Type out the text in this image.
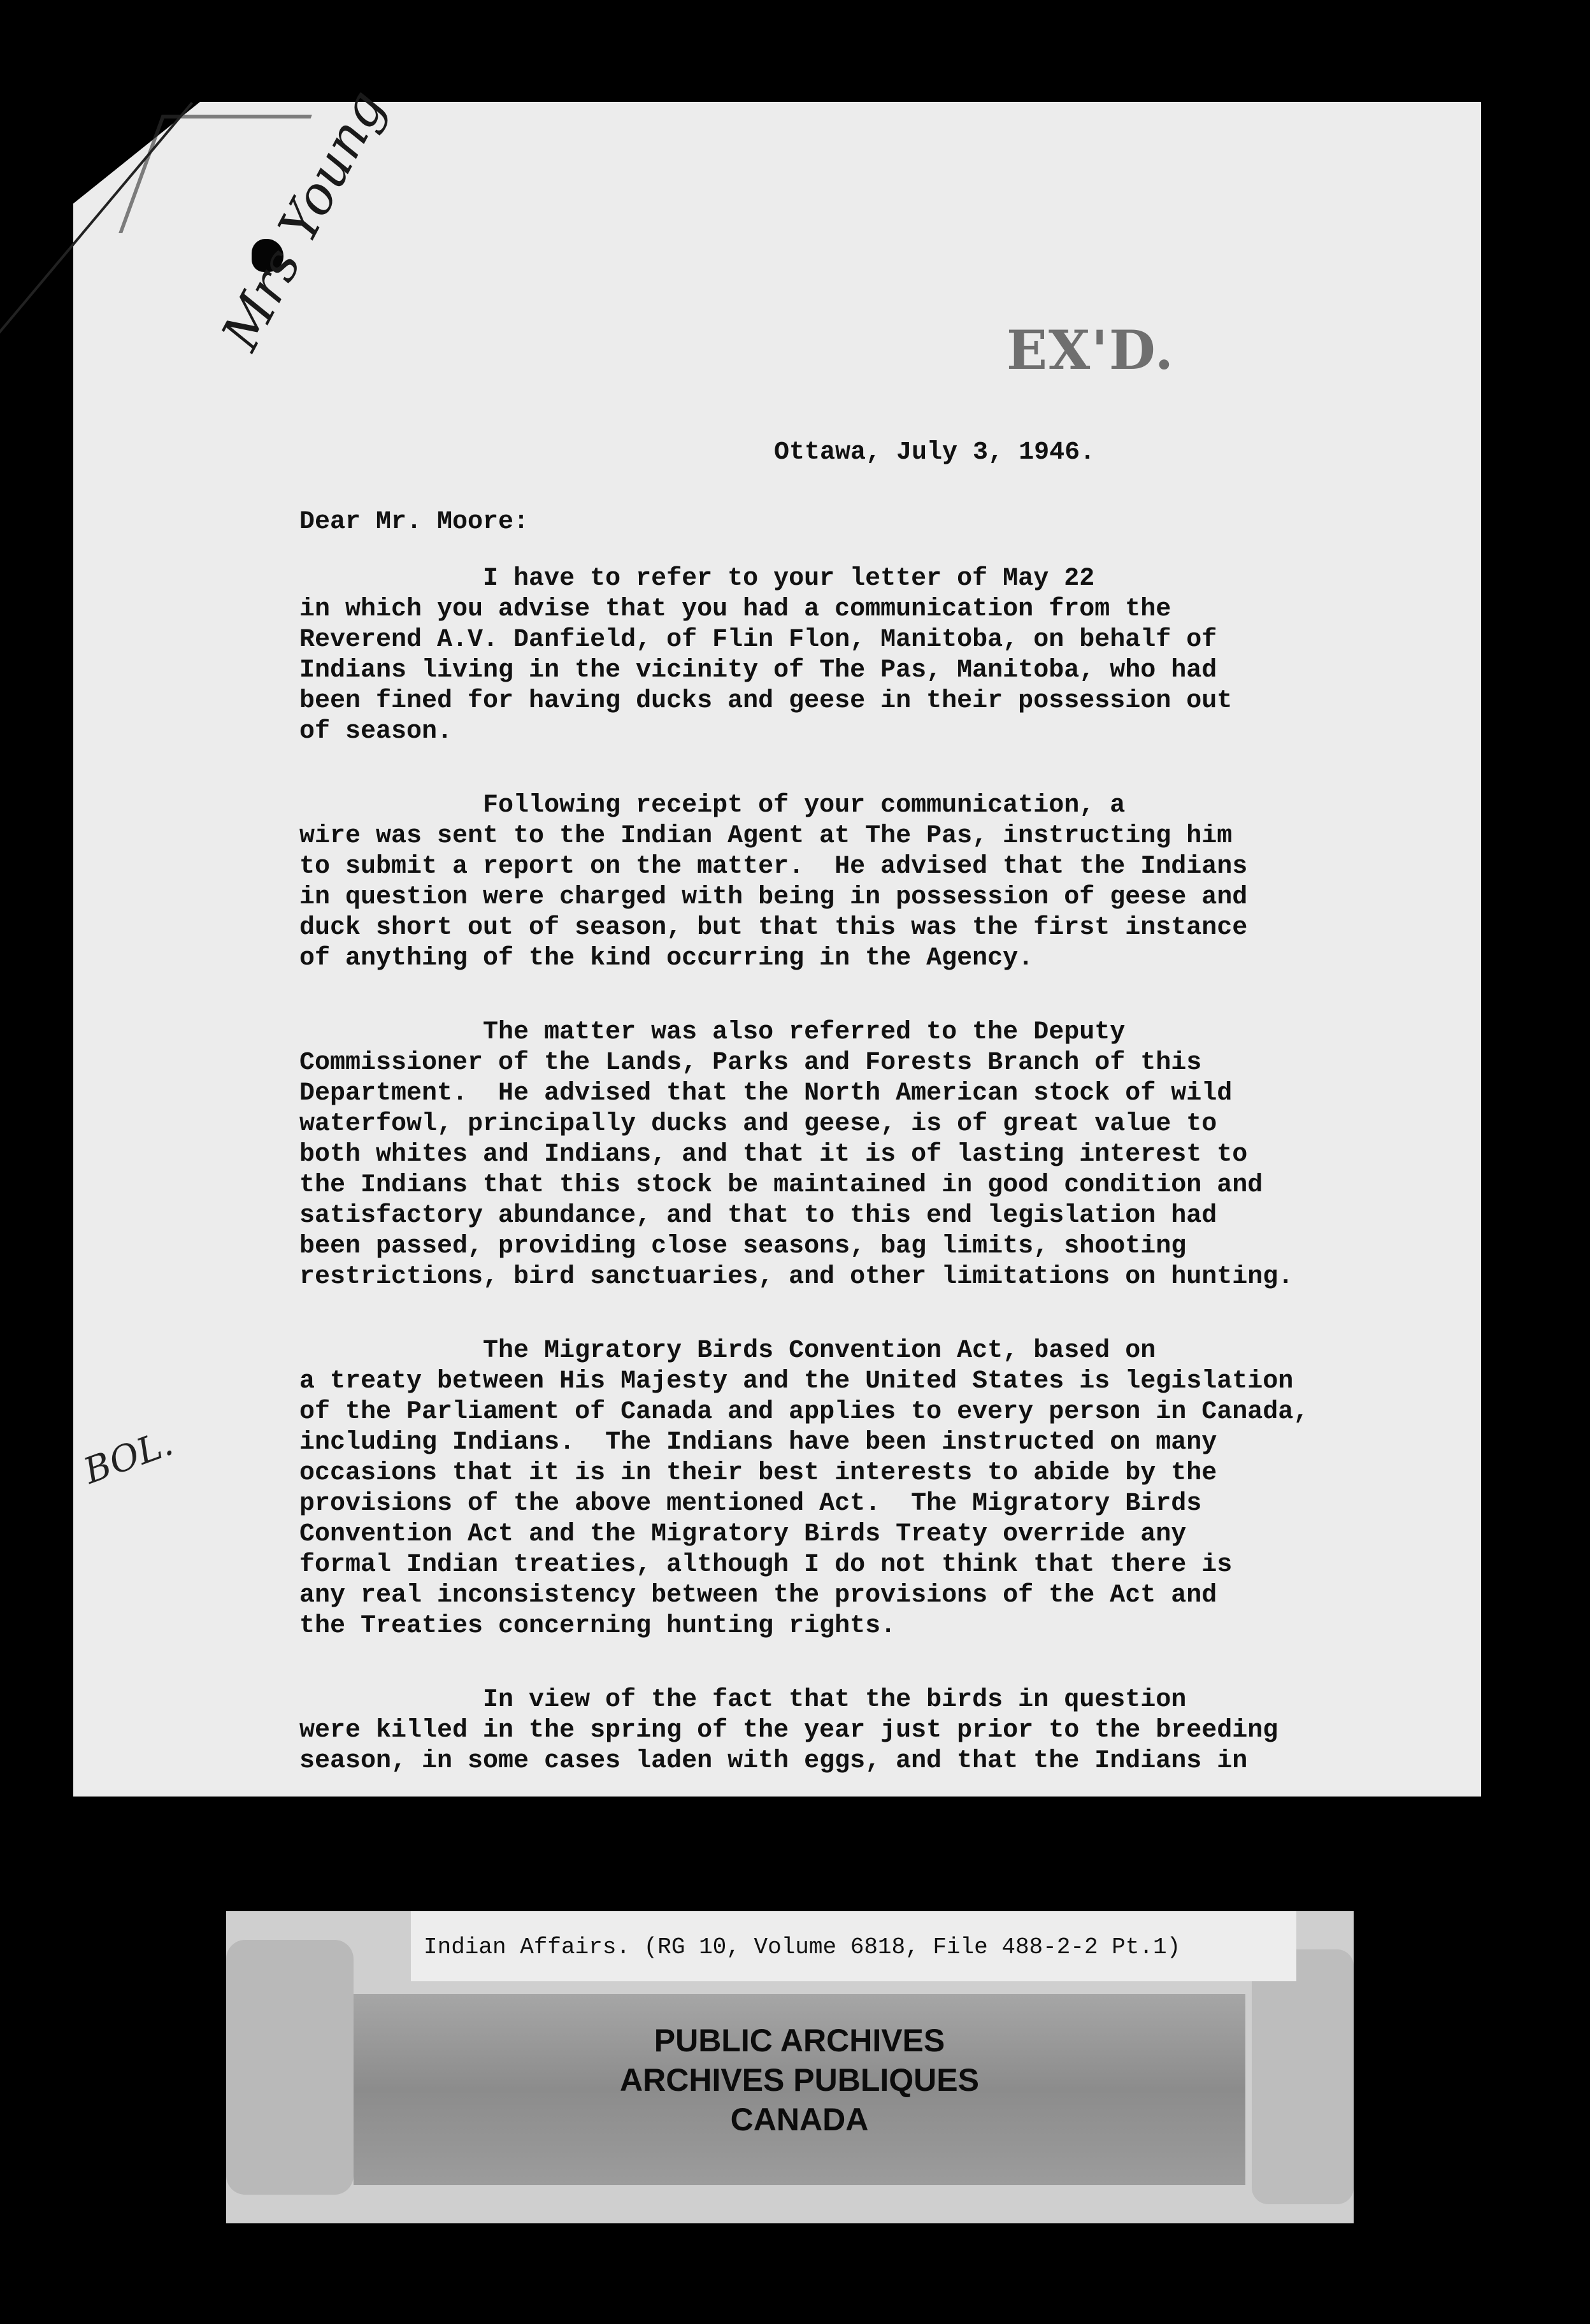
Mrs Young	EX'D.

Ottawa, July 3, 1946.

Dear Mr. Moore:

I have to refer to your letter of May 22
in which you advise that you had a communication from the
Reverend A.V. Danfield, of Flin Flon, Manitoba, on behalf of
Indians living in the vicinity of The Pas, Manitoba, who had
been fined for having ducks and geese in their possession out
of season.

Following receipt of your communication, a
wire was sent to the Indian Agent at The Pas, instructing him
to submit a report on the matter.  He advised that the Indians
in question were charged with being in possession of geese and
duck short out of season, but that this was the first instance
of anything of the kind occurring in the Agency.

The matter was also referred to the Deputy
Commissioner of the Lands, Parks and Forests Branch of this
Department.  He advised that the North American stock of wild
waterfowl, principally ducks and geese, is of great value to
both whites and Indians, and that it is of lasting interest to
the Indians that this stock be maintained in good condition and
satisfactory abundance, and that to this end legislation had
been passed, providing close seasons, bag limits, shooting
restrictions, bird sanctuaries, and other limitations on hunting.

The Migratory Birds Convention Act, based on
a treaty between His Majesty and the United States is legislation
of the Parliament of Canada and applies to every person in Canada,
including Indians.  The Indians have been instructed on many
occasions that it is in their best interests to abide by the
provisions of the above mentioned Act.  The Migratory Birds
Convention Act and the Migratory Birds Treaty override any
formal Indian treaties, although I do not think that there is
any real inconsistency between the provisions of the Act and
the Treaties concerning hunting rights.

In view of the fact that the birds in question
were killed in the spring of the year just prior to the breeding
season, in some cases laden with eggs, and that the Indians in

BOL.

Indian Affairs. (RG 10, Volume 6818, File 488-2-2 Pt.1)

PUBLIC ARCHIVES
ARCHIVES PUBLIQUES
CANADA
